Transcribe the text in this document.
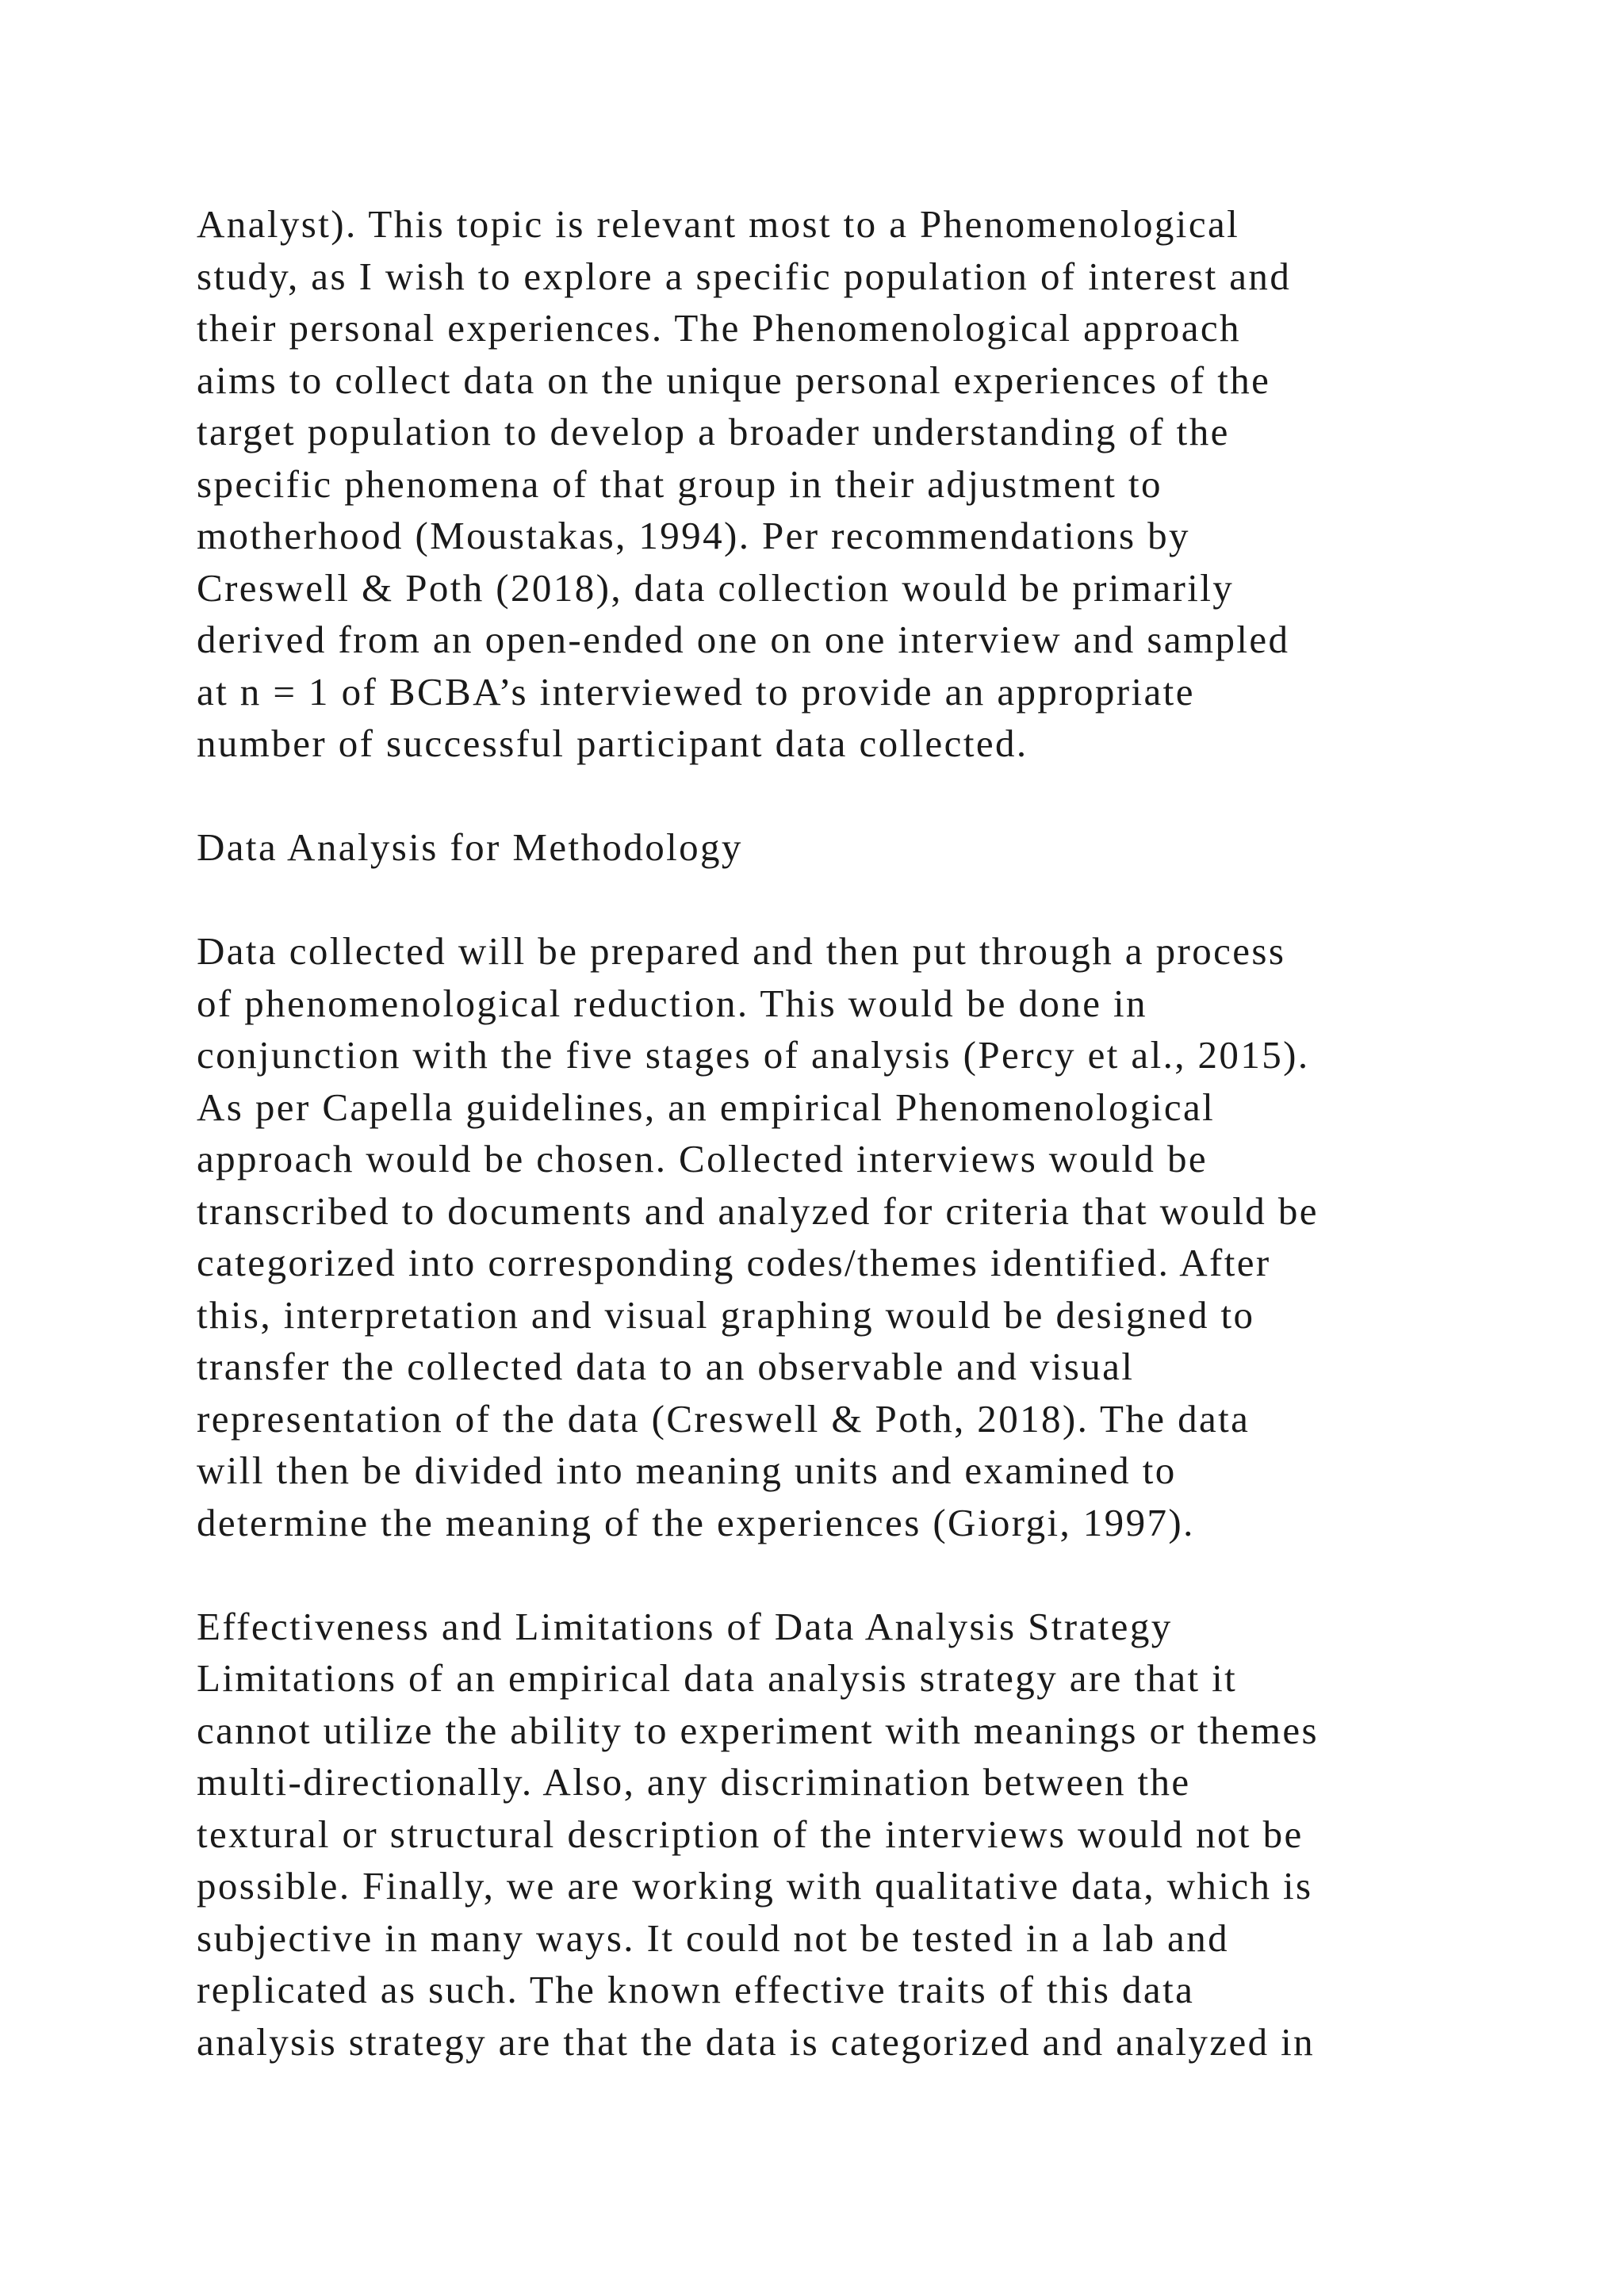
Analyst). This topic is relevant most to a Phenomenological
study, as I wish to explore a specific population of interest and
their personal experiences. The Phenomenological approach
aims to collect data on the unique personal experiences of the
target population to develop a broader understanding of the
specific phenomena of that group in their adjustment to
motherhood (Moustakas, 1994). Per recommendations by
Creswell & Poth (2018), data collection would be primarily
derived from an open-ended one on one interview and sampled
at n = 1 of BCBA’s interviewed to provide an appropriate
number of successful participant data collected.
Data Analysis for Methodology
Data collected will be prepared and then put through a process
of phenomenological reduction. This would be done in
conjunction with the five stages of analysis (Percy et al., 2015).
As per Capella guidelines, an empirical Phenomenological
approach would be chosen. Collected interviews would be
transcribed to documents and analyzed for criteria that would be
categorized into corresponding codes/themes identified. After
this, interpretation and visual graphing would be designed to
transfer the collected data to an observable and visual
representation of the data (Creswell & Poth, 2018). The data
will then be divided into meaning units and examined to
determine the meaning of the experiences (Giorgi, 1997).
Effectiveness and Limitations of Data Analysis Strategy
Limitations of an empirical data analysis strategy are that it
cannot utilize the ability to experiment with meanings or themes
multi-directionally. Also, any discrimination between the
textural or structural description of the interviews would not be
possible. Finally, we are working with qualitative data, which is
subjective in many ways. It could not be tested in a lab and
replicated as such. The known effective traits of this data
analysis strategy are that the data is categorized and analyzed in
